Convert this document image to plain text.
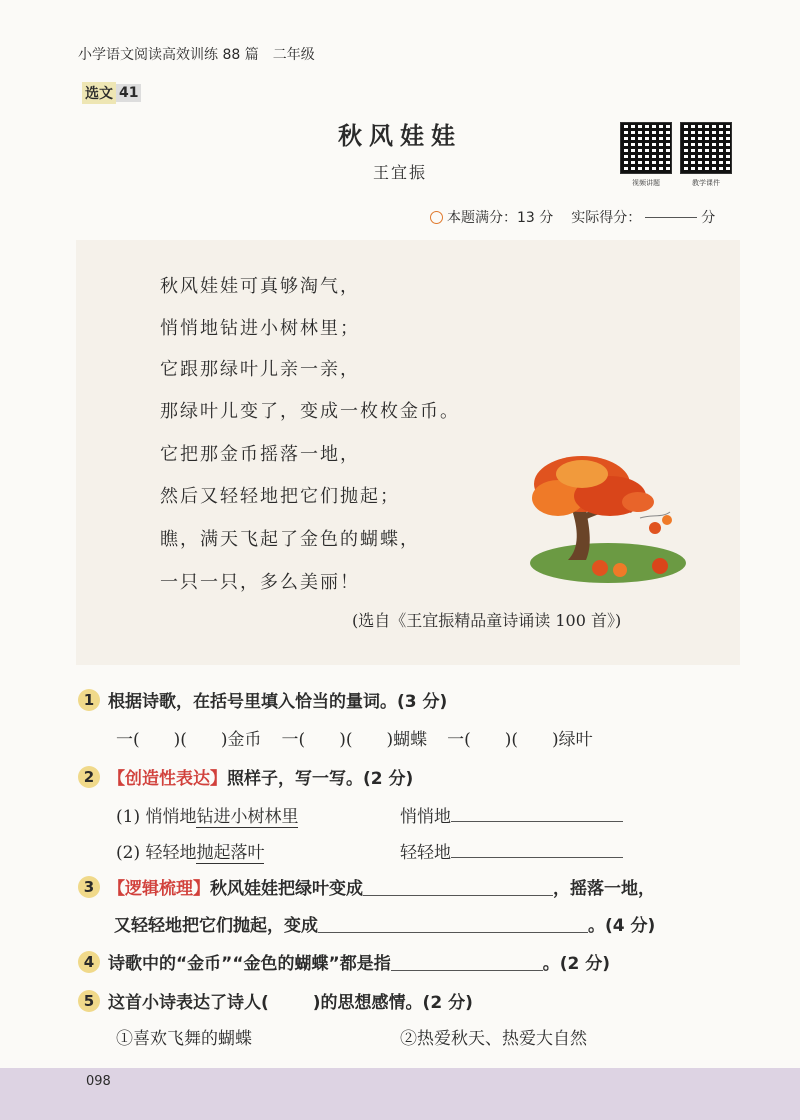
小学语文阅读高效训练 88 篇　二年级
选文 41
秋风娃娃
王宜振
视频讲题	教学课件
本题满分：13 分 实际得分：	分
秋风娃娃可真够淘气，
悄悄地钻进小树林里；
它跟那绿叶儿亲一亲，
那绿叶儿变了，变成一枚枚金币。
它把那金币摇落一地，
然后又轻轻地把它们抛起；
瞧，满天飞起了金色的蝴蝶，
一只一只，多么美丽！
(选自《王宜振精品童诗诵读 100 首》)
1 根据诗歌，在括号里填入恰当的量词。(3 分)
一( )( )金币 一( )( )蝴蝶 一( )( )绿叶
2 【创造性表达】 照样子，写一写。(2 分)
(1) 悄悄地钻进小树林里	悄悄地
(2) 轻轻地抛起落叶	轻轻地
3 【逻辑梳理】 秋风娃娃把绿叶变成	，摇落一地，
又轻轻地把它们抛起，变成	。(4 分)
4 诗歌中的“金币”“金色的蝴蝶”都是指	。(2 分)
5 这首小诗表达了诗人(	)的思想感情。(2 分)
①喜欢飞舞的蝴蝶	②热爱秋天、热爱大自然
098
